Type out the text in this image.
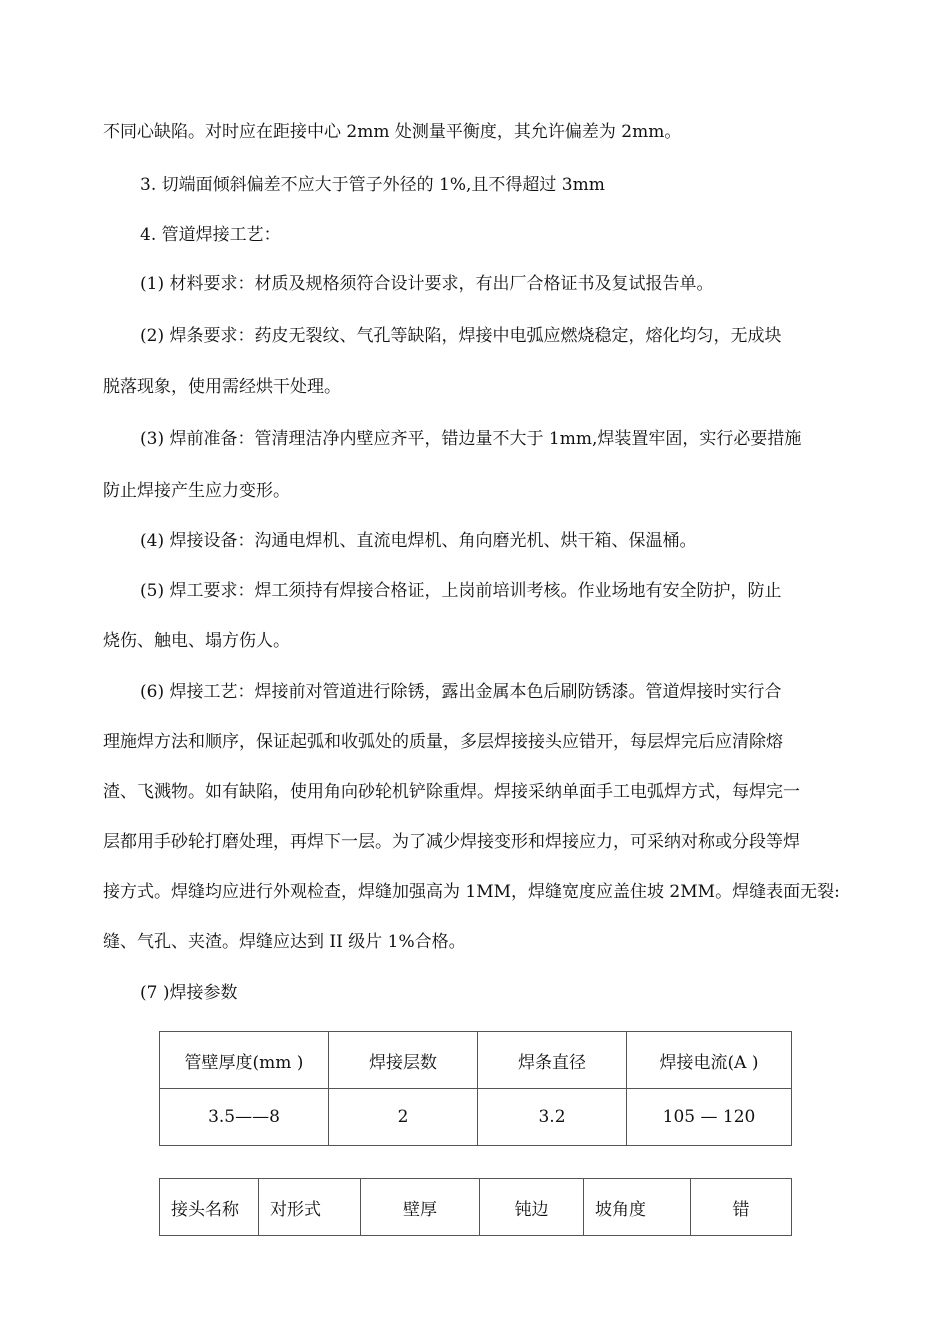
不同心缺陷。对时应在距接中心 2mm 处测量平衡度，其允许偏差为 2mm。
3. 切端面倾斜偏差不应大于管子外径的 1%,且不得超过 3mm
4. 管道焊接工艺：
(1) 材料要求：材质及规格须符合设计要求，有出厂合格证书及复试报告单。
(2) 焊条要求：药皮无裂纹、气孔等缺陷，焊接中电弧应燃烧稳定，熔化均匀，无成块
脱落现象，使用需经烘干处理。
(3) 焊前准备：管清理洁净内壁应齐平，错边量不大于 1mm,焊装置牢固，实行必要措施
防止焊接产生应力变形。
(4) 焊接设备：沟通电焊机、直流电焊机、角向磨光机、烘干箱、保温桶。
(5) 焊工要求：焊工须持有焊接合格证，上岗前培训考核。作业场地有安全防护，防止
烧伤、触电、塌方伤人。
(6) 焊接工艺：焊接前对管道进行除锈，露出金属本色后刷防锈漆。管道焊接时实行合
理施焊方法和顺序，保证起弧和收弧处的质量，多层焊接接头应错开，每层焊完后应清除熔
渣、飞溅物。如有缺陷，使用角向砂轮机铲除重焊。焊接采纳单面手工电弧焊方式，每焊完一
层都用手砂轮打磨处理，再焊下一层。为了减少焊接变形和焊接应力，可采纳对称或分段等焊
接方式。焊缝均应进行外观检查，焊缝加强高为 1MM，焊缝宽度应盖住坡 2MM。焊缝表面无裂:
缝、气孔、夹渣。焊缝应达到 II 级片 1%合格。
(7 )焊接参数
管壁厚度(mm )	焊接层数	焊条直径	焊接电流(A )
3.5——8	2	3.2	105 — 120
接头名称	对形式	壁厚	钝边	坡角度	错
